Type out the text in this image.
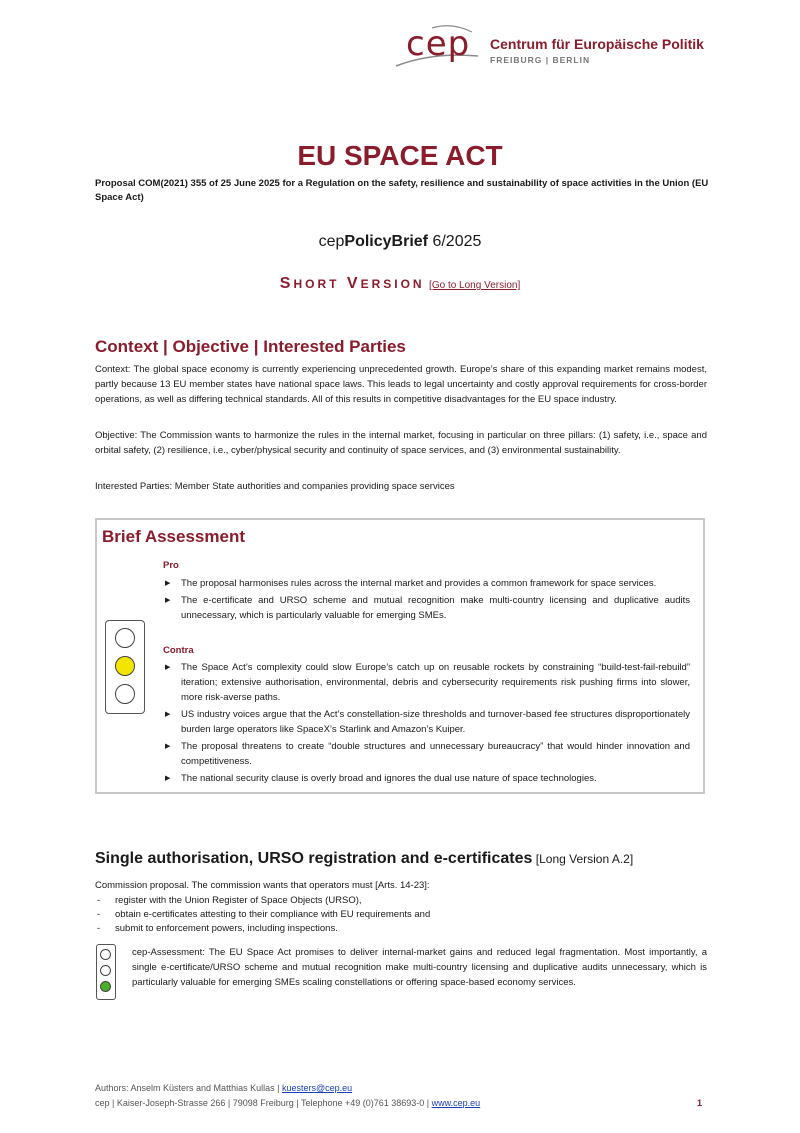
cep Centrum für Europäische Politik
FREIBURG | BERLIN
EU SPACE ACT
Proposal COM(2021) 355 of 25 June 2025 for a Regulation on the safety, resilience and sustainability of space activities in the Union (EU Space Act)
cepPolicyBrief 6/2025
SHORT VERSION [Go to Long Version]
Context | Objective | Interested Parties
Context: The global space economy is currently experiencing unprecedented growth. Europe’s share of this expanding market remains modest, partly because 13 EU member states have national space laws. This leads to legal uncertainty and costly approval requirements for cross-border operations, as well as differing technical standards. All of this results in competitive disadvantages for the EU space industry.
Objective: The Commission wants to harmonize the rules in the internal market, focusing in particular on three pillars: (1) safety, i.e., space and orbital safety, (2) resilience, i.e., cyber/physical security and continuity of space services, and (3) environmental sustainability.
Interested Parties: Member State authorities and companies providing space services
Brief Assessment
Pro
▶ The proposal harmonises rules across the internal market and provides a common framework for space services.
▶ The e-certificate and URSO scheme and mutual recognition make multi-country licensing and duplicative audits unnecessary, which is particularly valuable for emerging SMEs.
Contra
▶ The Space Act’s complexity could slow Europe’s catch up on reusable rockets by constraining “build-test-fail-rebuild” iteration; extensive authorisation, environmental, debris and cybersecurity requirements risk pushing firms into slower, more risk-averse paths.
▶ US industry voices argue that the Act’s constellation-size thresholds and turnover-based fee structures disproportionately burden large operators like SpaceX’s Starlink and Amazon’s Kuiper.
▶ The proposal threatens to create “double structures and unnecessary bureaucracy” that would hinder innovation and competitiveness.
▶ The national security clause is overly broad and ignores the dual use nature of space technologies.
Single authorisation, URSO registration and e-certificates [Long Version A.2]
Commission proposal. The commission wants that operators must [Arts. 14-23]:
- register with the Union Register of Space Objects (URSO),
- obtain e-certificates attesting to their compliance with EU requirements and
- submit to enforcement powers, including inspections.
cep-Assessment: The EU Space Act promises to deliver internal-market gains and reduced legal fragmentation. Most importantly, a single e-certificate/URSO scheme and mutual recognition make multi-country licensing and duplicative audits unnecessary, which is particularly valuable for emerging SMEs scaling constellations or offering space-based economy services.
Authors: Anselm Küsters and Matthias Kullas | kuesters@cep.eu
cep | Kaiser-Joseph-Strasse 266 | 79098 Freiburg | Telephone +49 (0)761 38693-0 | www.cep.eu	1
